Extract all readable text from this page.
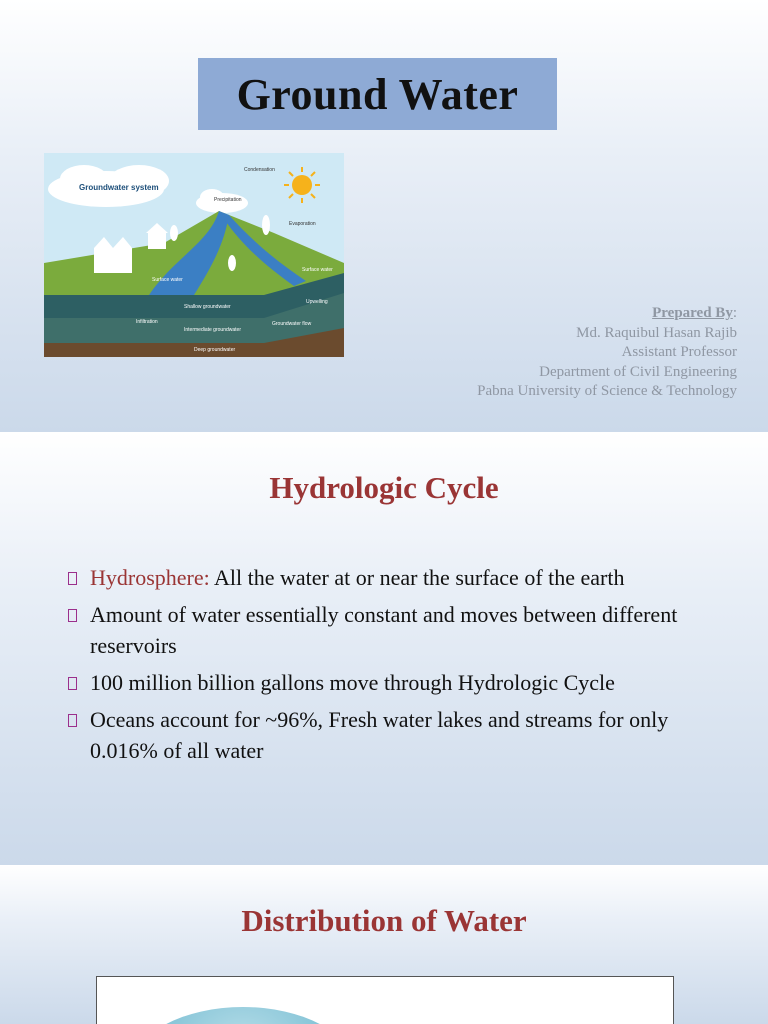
Ground Water
Groundwater system
Condensation
Precipitation
Evaporation
Surface water
Surface water
Shallow groundwater
Infiltration
Intermediate groundwater
Deep groundwater
Upwelling
Groundwater flow
Prepared By:
Md. Raquibul Hasan Rajib
Assistant Professor
Department of Civil Engineering
Pabna University of Science & Technology
Hydrologic Cycle
Hydrosphere: All the water at or near the surface of the earth
Amount of water essentially constant and moves between different reservoirs
100 million billion gallons move through Hydrologic Cycle
Oceans account for ~96%, Fresh water lakes and streams for only 0.016% of all water
Distribution of Water
